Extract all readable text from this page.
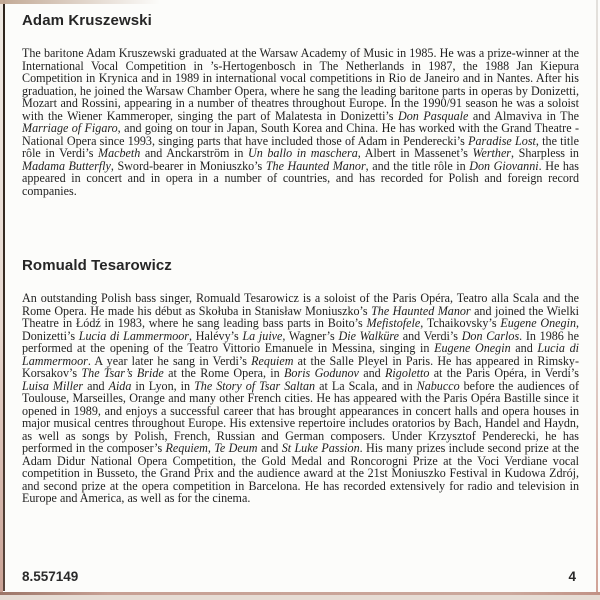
Adam Kruszewski

The baritone Adam Kruszewski graduated at the Warsaw Academy of Music in 1985. He was a prize-winner at the International Vocal Competition in ’s-Hertogenbosch in The Netherlands in 1987, the 1988 Jan Kiepura Competition in Krynica and in 1989 in international vocal competitions in Rio de Janeiro and in Nantes. After his graduation, he joined the Warsaw Chamber Opera, where he sang the leading baritone parts in operas by Donizetti, Mozart and Rossini, appearing in a number of theatres throughout Europe. In the 1990/91 season he was a soloist with the Wiener Kammeroper, singing the part of Malatesta in Donizetti’s Don Pasquale and Almaviva in The Marriage of Figaro, and going on tour in Japan, South Korea and China. He has worked with the Grand Theatre - National Opera since 1993, singing parts that have included those of Adam in Penderecki’s Paradise Lost, the title rôle in Verdi’s Macbeth and Anckarström in Un ballo in maschera, Albert in Massenet’s Werther, Sharpless in Madama Butterfly, Sword-bearer in Moniuszko’s The Haunted Manor, and the title rôle in Don Giovanni. He has appeared in concert and in opera in a number of countries, and has recorded for Polish and foreign record companies.

Romuald Tesarowicz

An outstanding Polish bass singer, Romuald Tesarowicz is a soloist of the Paris Opéra, Teatro alla Scala and the Rome Opera. He made his début as Skołuba in Stanisław Moniuszko’s The Haunted Manor and joined the Wielki Theatre in Łódź in 1983, where he sang leading bass parts in Boito’s Mefistofele, Tchaikovsky’s Eugene Onegin, Donizetti’s Lucia di Lammermoor, Halévy’s La juive, Wagner’s Die Walküre and Verdi’s Don Carlos. In 1986 he performed at the opening of the Teatro Vittorio Emanuele in Messina, singing in Eugene Onegin and Lucia di Lammermoor. A year later he sang in Verdi’s Requiem at the Salle Pleyel in Paris. He has appeared in Rimsky-Korsakov’s The Tsar’s Bride at the Rome Opera, in Boris Godunov and Rigoletto at the Paris Opéra, in Verdi’s Luisa Miller and Aida in Lyon, in The Story of Tsar Saltan at La Scala, and in Nabucco before the audiences of Toulouse, Marseilles, Orange and many other French cities. He has appeared with the Paris Opéra Bastille since it opened in 1989, and enjoys a successful career that has brought appearances in concert halls and opera houses in major musical centres throughout Europe. His extensive repertoire includes oratorios by Bach, Handel and Haydn, as well as songs by Polish, French, Russian and German composers. Under Krzysztof Penderecki, he has performed in the composer’s Requiem, Te Deum and St Luke Passion. His many prizes include second prize at the Adam Didur National Opera Competition, the Gold Medal and Roncorogni Prize at the Voci Verdiane vocal competition in Busseto, the Grand Prix and the audience award at the 21st Moniuszko Festival in Kudowa Zdrój, and second prize at the opera competition in Barcelona. He has recorded extensively for radio and television in Europe and America, as well as for the cinema.

8.557149	4
